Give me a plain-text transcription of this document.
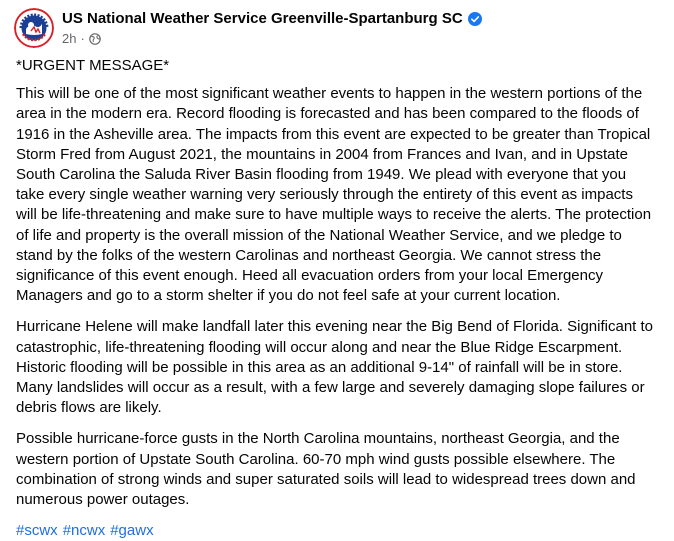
US National Weather Service Greenville-Spartanburg SC
2h ·

*URGENT MESSAGE*

This will be one of the most significant weather events to happen in the western portions of the area in the modern era. Record flooding is forecasted and has been compared to the floods of 1916 in the Asheville area. The impacts from this event are expected to be greater than Tropical Storm Fred from August 2021, the mountains in 2004 from Frances and Ivan, and in Upstate South Carolina the Saluda River Basin flooding from 1949. We plead with everyone that you take every single weather warning very seriously through the entirety of this event as impacts will be life-threatening and make sure to have multiple ways to receive the alerts. The protection of life and property is the overall mission of the National Weather Service, and we pledge to stand by the folks of the western Carolinas and northeast Georgia. We cannot stress the significance of this event enough. Heed all evacuation orders from your local Emergency Managers and go to a storm shelter if you do not feel safe at your current location.

Hurricane Helene will make landfall later this evening near the Big Bend of Florida. Significant to catastrophic, life-threatening flooding will occur along and near the Blue Ridge Escarpment. Historic flooding will be possible in this area as an additional 9-14" of rainfall will be in store. Many landslides will occur as a result, with a few large and severely damaging slope failures or debris flows are likely.

Possible hurricane-force gusts in the North Carolina mountains, northeast Georgia, and the western portion of Upstate South Carolina. 60-70 mph wind gusts possible elsewhere. The combination of strong winds and super saturated soils will lead to widespread trees down and numerous power outages.

#scwx #ncwx #gawx
